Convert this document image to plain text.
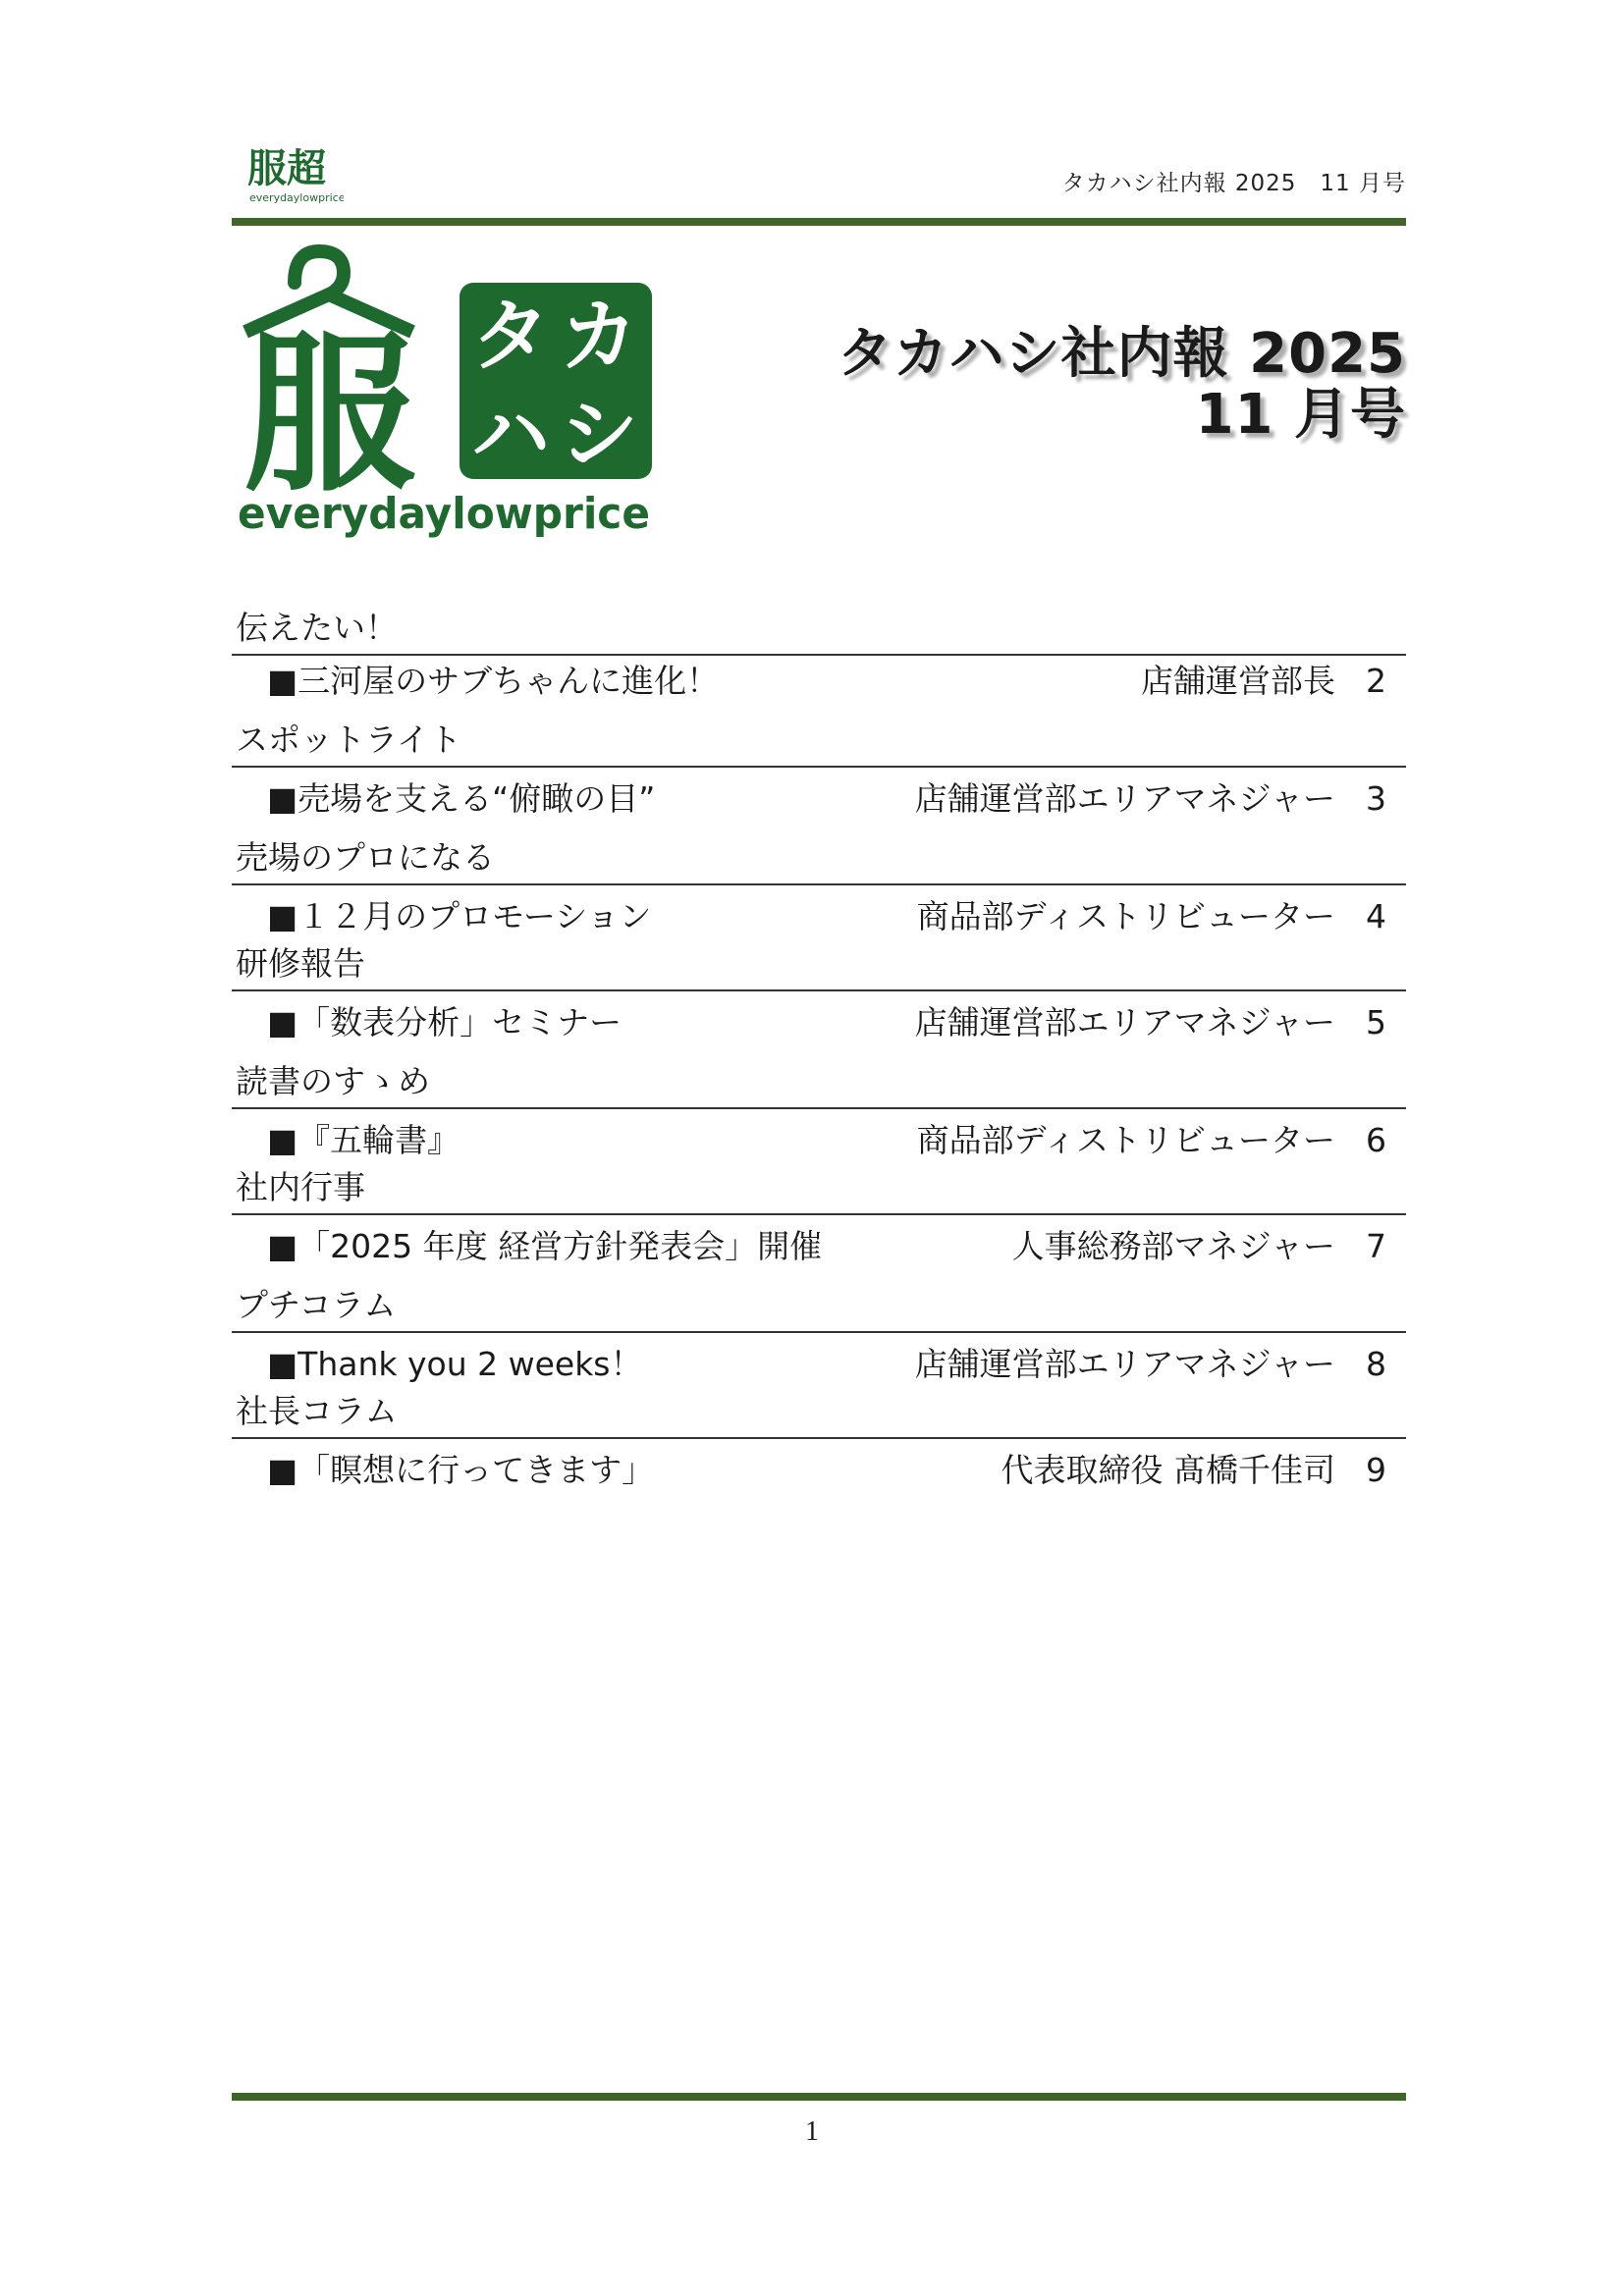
服超
everydaylowprice
タカハシ社内報 2025　11 月号
服 タ カ
ハ シ
everydaylowprice
タカハシ社内報 2025
11 月号
伝えたい！
■三河屋のサブちゃんに進化！	店舗運営部長 2
スポットライト
■売場を支える“俯瞰の目”	店舗運営部エリアマネジャー 3
売場のプロになる
■１２月のプロモーション	商品部ディストリビューター 4
研修報告
■「数表分析」セミナー	店舗運営部エリアマネジャー 5
読書のすゝめ
■『五輪書』	商品部ディストリビューター 6
社内行事
■「2025 年度 経営方針発表会」開催	人事総務部マネジャー 7
プチコラム
■Thank you 2 weeks！	店舗運営部エリアマネジャー 8
社長コラム
■「瞑想に行ってきます」	代表取締役 髙橋千佳司 9
1
